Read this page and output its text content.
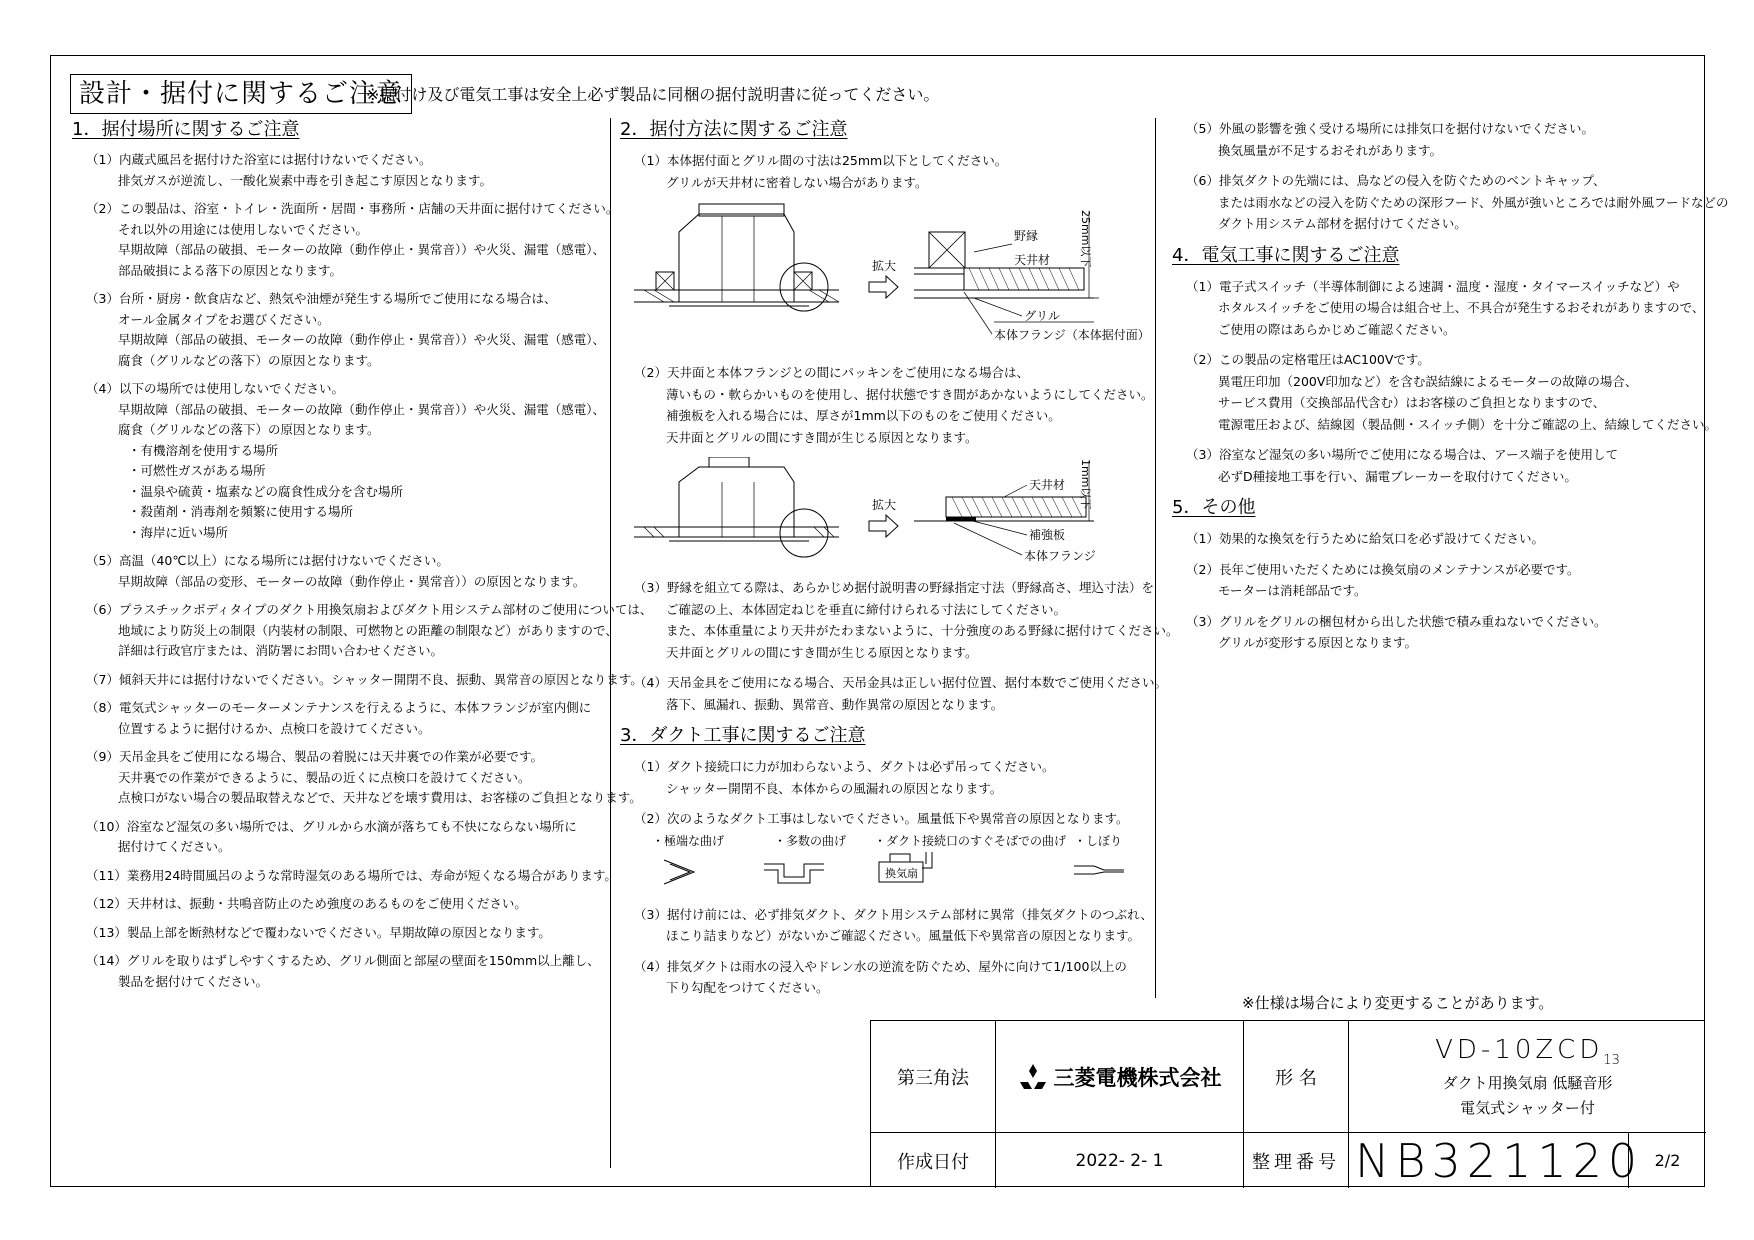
設計・据付に関するご注意
※据付け及び電気工事は安全上必ず製品に同梱の据付説明書に従ってください。
1．据付場所に関するご注意
（1）内蔵式風呂を据付けた浴室には据付けないでください。
排気ガスが逆流し、一酸化炭素中毒を引き起こす原因となります。
（2）この製品は、浴室・トイレ・洗面所・居間・事務所・店舗の天井面に据付けてください。
それ以外の用途には使用しないでください。
早期故障（部品の破損、モーターの故障（動作停止・異常音））や火災、漏電（感電）、
部品破損による落下の原因となります。
（3）台所・厨房・飲食店など、熱気や油煙が発生する場所でご使用になる場合は、
オール金属タイプをお選びください。
早期故障（部品の破損、モーターの故障（動作停止・異常音））や火災、漏電（感電）、
腐食（グリルなどの落下）の原因となります。
（4）以下の場所では使用しないでください。
早期故障（部品の破損、モーターの故障（動作停止・異常音））や火災、漏電（感電）、
腐食（グリルなどの落下）の原因となります。
・有機溶剤を使用する場所
・可燃性ガスがある場所
・温泉や硫黄・塩素などの腐食性成分を含む場所
・殺菌剤・消毒剤を頻繁に使用する場所
・海岸に近い場所
（5）高温（40℃以上）になる場所には据付けないでください。
早期故障（部品の変形、モーターの故障（動作停止・異常音））の原因となります。
（6）プラスチックボディタイプのダクト用換気扇およびダクト用システム部材のご使用については、
地域により防災上の制限（内装材の制限、可燃物との距離の制限など）がありますので、
詳細は行政官庁または、消防署にお問い合わせください。
（7）傾斜天井には据付けないでください。シャッター開閉不良、振動、異常音の原因となります。
（8）電気式シャッターのモーターメンテナンスを行えるように、本体フランジが室内側に
位置するように据付けるか、点検口を設けてください。
（9）天吊金具をご使用になる場合、製品の着脱には天井裏での作業が必要です。
天井裏での作業ができるように、製品の近くに点検口を設けてください。
点検口がない場合の製品取替えなどで、天井などを壊す費用は、お客様のご負担となります。
（10）浴室など湿気の多い場所では、グリルから水滴が落ちても不快にならない場所に
据付けてください。
（11）業務用24時間風呂のような常時湿気のある場所では、寿命が短くなる場合があります。
（12）天井材は、振動・共鳴音防止のため強度のあるものをご使用ください。
（13）製品上部を断熱材などで覆わないでください。早期故障の原因となります。
（14）グリルを取りはずしやすくするため、グリル側面と部屋の壁面を150mm以上離し、
製品を据付けてください。
2．据付方法に関するご注意
（1）本体据付面とグリル間の寸法は25mm以下としてください。
グリルが天井材に密着しない場合があります。
拡大	25mm以下
野縁
天井材
グリル
本体フランジ（本体据付面）
（2）天井面と本体フランジとの間にパッキンをご使用になる場合は、
薄いもの・軟らかいものを使用し、据付状態ですき間があかないようにしてください。
補強板を入れる場合には、厚さが1mm以下のものをご使用ください。
天井面とグリルの間にすき間が生じる原因となります。
拡大	1mm以下
天井材
補強板
本体フランジ
（3）野縁を組立てる際は、あらかじめ据付説明書の野縁指定寸法（野縁高さ、埋込寸法）を
ご確認の上、本体固定ねじを垂直に締付けられる寸法にしてください。
また、本体重量により天井がたわまないように、十分強度のある野縁に据付けてください。
天井面とグリルの間にすき間が生じる原因となります。
（4）天吊金具をご使用になる場合、天吊金具は正しい据付位置、据付本数でご使用ください。
落下、風漏れ、振動、異常音、動作異常の原因となります。
3．ダクト工事に関するご注意
（1）ダクト接続口に力が加わらないよう、ダクトは必ず吊ってください。
シャッター開閉不良、本体からの風漏れの原因となります。
（2）次のようなダクト工事はしないでください。風量低下や異常音の原因となります。
・極端な曲げ	・多数の曲げ ・ダクト接続口のすぐそばでの曲げ ・しぼり
換気扇
（3）据付け前には、必ず排気ダクト、ダクト用システム部材に異常（排気ダクトのつぶれ、
ほこり詰まりなど）がないかご確認ください。風量低下や異常音の原因となります。
（4）排気ダクトは雨水の浸入やドレン水の逆流を防ぐため、屋外に向けて1/100以上の
下り勾配をつけてください。
（5）外風の影響を強く受ける場所には排気口を据付けないでください。
換気風量が不足するおそれがあります。
（6）排気ダクトの先端には、鳥などの侵入を防ぐためのベントキャップ、
または雨水などの浸入を防ぐための深形フード、外風が強いところでは耐外風フードなどの
ダクト用システム部材を据付けてください。
4．電気工事に関するご注意
（1）電子式スイッチ（半導体制御による速調・温度・湿度・タイマースイッチなど）や
ホタルスイッチをご使用の場合は組合せ上、不具合が発生するおそれがありますので、
ご使用の際はあらかじめご確認ください。
（2）この製品の定格電圧はAC100Vです。
異電圧印加（200V印加など）を含む誤結線によるモーターの故障の場合、
サービス費用（交換部品代含む）はお客様のご負担となりますので、
電源電圧および、結線図（製品側・スイッチ側）を十分ご確認の上、結線してください。
（3）浴室など湿気の多い場所でご使用になる場合は、アース端子を使用して
必ずD種接地工事を行い、漏電ブレーカーを取付けてください。
5．その他
（1）効果的な換気を行うために給気口を必ず設けてください。
（2）長年ご使用いただくためには換気扇のメンテナンスが必要です。
モーターは消耗部品です。
（3）グリルをグリルの梱包材から出した状態で積み重ねないでください。
グリルが変形する原因となります。
※仕様は場合により変更することがあります。
第三角法	三菱電機株式会社	形 名
$VD-10ZCD_{13}$
ダクト用換気扇 低騒音形
電気式シャッター付
作成日付	2022- 2- 1	整理番号 NB321120 2/2
